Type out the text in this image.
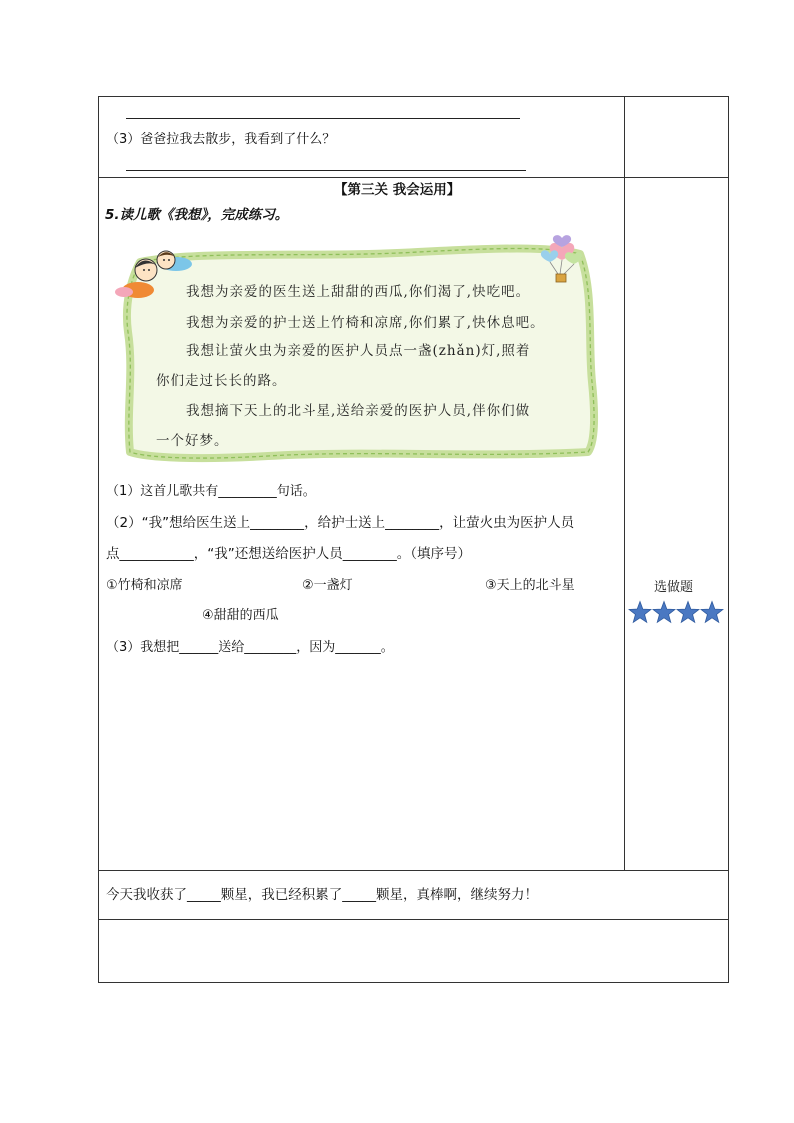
（3）爸爸拉我去散步，我看到了什么？
【第三关 我会运用】
5.读儿歌《我想》，完成练习。
我想为亲爱的医生送上甜甜的西瓜,你们渴了,快吃吧。
我想为亲爱的护士送上竹椅和凉席,你们累了,快休息吧。
我想让萤火虫为亲爱的医护人员点一盏(zhǎn)灯,照着
你们走过长长的路。
我想摘下天上的北斗星,送给亲爱的医护人员,伴你们做
一个好梦。
（1）这首儿歌共有_________句话。
（2）“我”想给医生送上________，给护士送上________，让萤火虫为医护人员
点___________，“我”还想送给医护人员________。（填序号）
①竹椅和凉席	②一盏灯	③天上的北斗星
④甜甜的西瓜
（3）我想把______送给________，因为_______。
选做题
今天我收获了_____颗星，我已经积累了_____颗星，真棒啊，继续努力！
